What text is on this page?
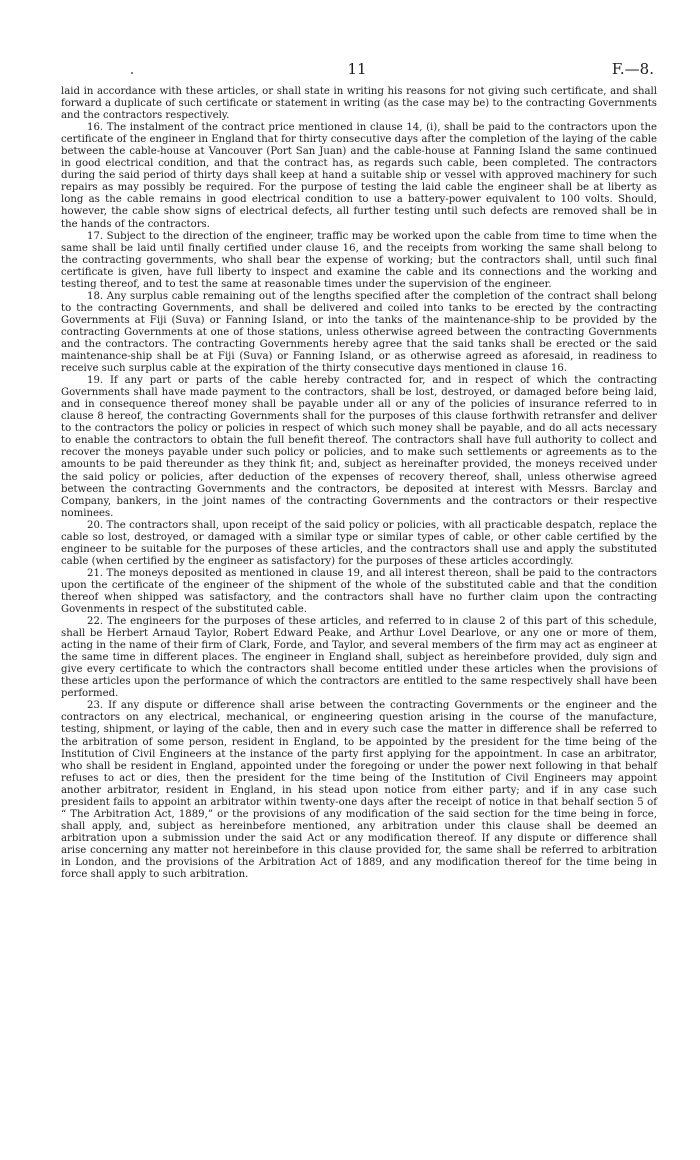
11	F.—8.

laid in accordance with these articles, or shall state in writing his reasons for not giving such certificate, and shall forward a duplicate of such certificate or statement in writing (as the case may be) to the contracting Governments and the contractors respectively.

16. The instalment of the contract price mentioned in clause 14, (i), shall be paid to the contractors upon the certificate of the engineer in England that for thirty consecutive days after the completion of the laying of the cable between the cable-house at Vancouver (Port San Juan) and the cable-house at Fanning Island the same continued in good electrical condition, and that the contract has, as regards such cable, been completed. The contractors during the said period of thirty days shall keep at hand a suitable ship or vessel with approved machinery for such repairs as may possibly be required. For the purpose of testing the laid cable the engineer shall be at liberty as long as the cable remains in good electrical condition to use a battery-power equivalent to 100 volts. Should, however, the cable show signs of electrical defects, all further testing until such defects are removed shall be in the hands of the contractors.

17. Subject to the direction of the engineer, traffic may be worked upon the cable from time to time when the same shall be laid until finally certified under clause 16, and the receipts from working the same shall belong to the contracting governments, who shall bear the expense of working; but the contractors shall, until such final certificate is given, have full liberty to inspect and examine the cable and its connections and the working and testing thereof, and to test the same at reasonable times under the supervision of the engineer.

18. Any surplus cable remaining out of the lengths specified after the completion of the contract shall belong to the contracting Governments, and shall be delivered and coiled into tanks to be erected by the contracting Governments at Fiji (Suva) or Fanning Island, or into the tanks of the maintenance-ship to be provided by the contracting Governments at one of those stations, unless otherwise agreed between the contracting Governments and the contractors. The contracting Governments hereby agree that the said tanks shall be erected or the said maintenance-ship shall be at Fiji (Suva) or Fanning Island, or as otherwise agreed as aforesaid, in readiness to receive such surplus cable at the expiration of the thirty consecutive days mentioned in clause 16.

19. If any part or parts of the cable hereby contracted for, and in respect of which the contracting Governments shall have made payment to the contractors, shall be lost, destroyed, or damaged before being laid, and in consequence thereof money shall be payable under all or any of the policies of insurance referred to in clause 8 hereof, the contracting Governments shall for the purposes of this clause forthwith retransfer and deliver to the contractors the policy or policies in respect of which such money shall be payable, and do all acts necessary to enable the contractors to obtain the full benefit thereof. The contractors shall have full authority to collect and recover the moneys payable under such policy or policies, and to make such settlements or agreements as to the amounts to be paid thereunder as they think fit; and, subject as hereinafter provided, the moneys received under the said policy or policies, after deduction of the expenses of recovery thereof, shall, unless otherwise agreed between the contracting Governments and the contractors, be deposited at interest with Messrs. Barclay and Company, bankers, in the joint names of the contracting Governments and the contractors or their respective nominees.

20. The contractors shall, upon receipt of the said policy or policies, with all practicable despatch, replace the cable so lost, destroyed, or damaged with a similar type or similar types of cable, or other cable certified by the engineer to be suitable for the purposes of these articles, and the contractors shall use and apply the substituted cable (when certified by the engineer as satisfactory) for the purposes of these articles accordingly.

21. The moneys deposited as mentioned in clause 19, and all interest thereon, shall be paid to the contractors upon the certificate of the engineer of the shipment of the whole of the substituted cable and that the condition thereof when shipped was satisfactory, and the contractors shall have no further claim upon the contracting Govenments in respect of the substituted cable.

22. The engineers for the purposes of these articles, and referred to in clause 2 of this part of this schedule, shall be Herbert Arnaud Taylor, Robert Edward Peake, and Arthur Lovel Dearlove, or any one or more of them, acting in the name of their firm of Clark, Forde, and Taylor, and several members of the firm may act as engineer at the same time in different places. The engineer in England shall, subject as hereinbefore provided, duly sign and give every certificate to which the contractors shall become entitled under these articles when the provisions of these articles upon the performance of which the contractors are entitled to the same respectively shall have been performed.

23. If any dispute or difference shall arise between the contracting Governments or the engineer and the contractors on any electrical, mechanical, or engineering question arising in the course of the manufacture, testing, shipment, or laying of the cable, then and in every such case the matter in difference shall be referred to the arbitration of some person, resident in England, to be appointed by the president for the time being of the Institution of Civil Engineers at the instance of the party first applying for the appointment. In case an arbitrator, who shall be resident in England, appointed under the foregoing or under the power next following in that behalf refuses to act or dies, then the president for the time being of the Institution of Civil Engineers may appoint another arbitrator, resident in England, in his stead upon notice from either party; and if in any case such president fails to appoint an arbitrator within twenty-one days after the receipt of notice in that behalf section 5 of “ The Arbitration Act, 1889,” or the provisions of any modification of the said section for the time being in force, shall apply, and, subject as hereinbefore mentioned, any arbitration under this clause shall be deemed an arbitration upon a submission under the said Act or any modification thereof. If any dispute or difference shall arise concerning any matter not hereinbefore in this clause provided for, the same shall be referred to arbitration in London, and the provisions of the Arbitration Act of 1889, and any modification thereof for the time being in force shall apply to such arbitration.
